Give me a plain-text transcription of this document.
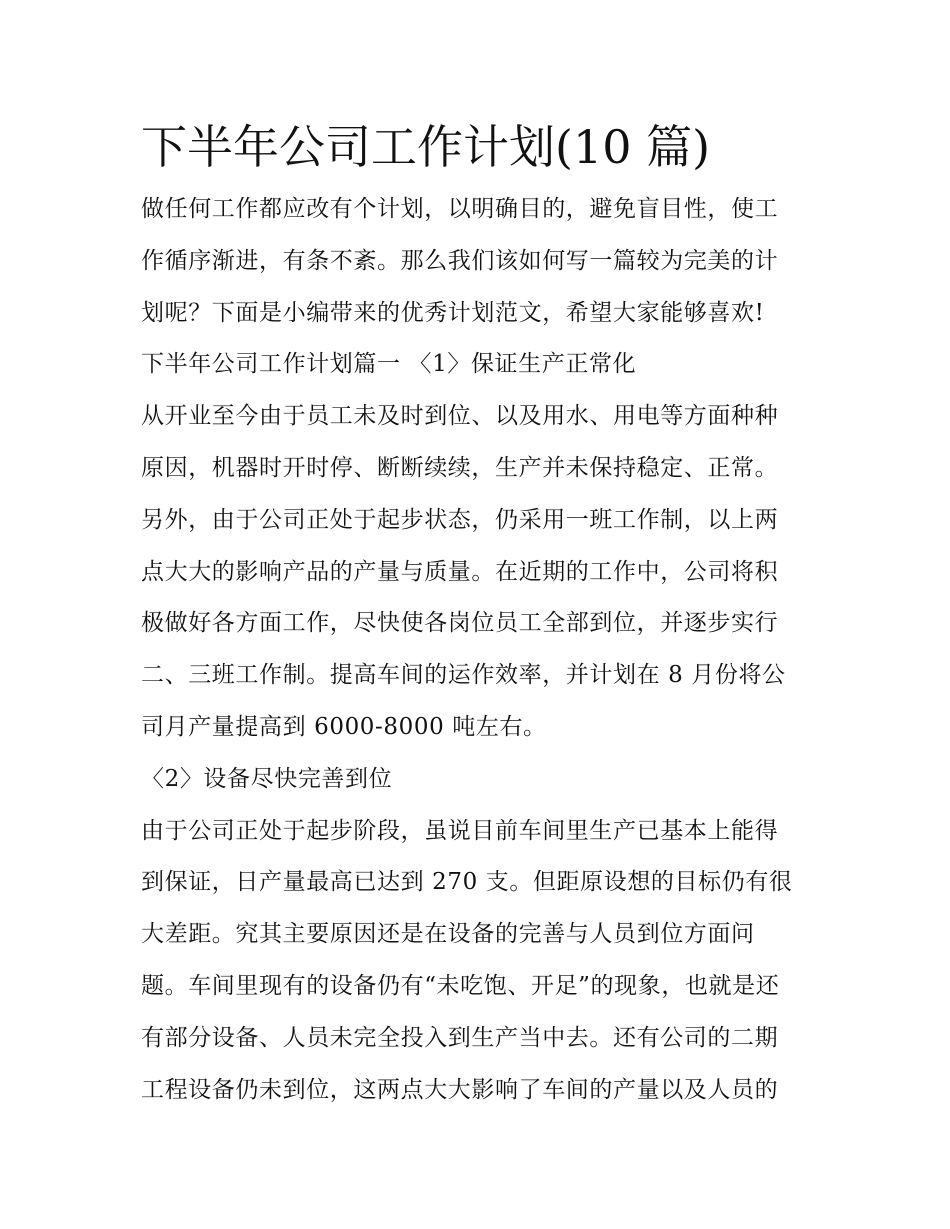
下半年公司工作计划(10 篇)
做任何工作都应改有个计划，以明确目的，避免盲目性，使工
作循序渐进，有条不紊。那么我们该如何写一篇较为完美的计
划呢？下面是小编带来的优秀计划范文，希望大家能够喜欢!
下半年公司工作计划篇一 〈1〉保证生产正常化
从开业至今由于员工未及时到位、以及用水、用电等方面种种
原因，机器时开时停、断断续续，生产并未保持稳定、正常。
另外，由于公司正处于起步状态，仍采用一班工作制，以上两
点大大的影响产品的产量与质量。在近期的工作中，公司将积
极做好各方面工作，尽快使各岗位员工全部到位，并逐步实行
二、三班工作制。提高车间的运作效率，并计划在 8 月份将公
司月产量提高到 6000-8000 吨左右。
〈2〉设备尽快完善到位
由于公司正处于起步阶段，虽说目前车间里生产已基本上能得
到保证，日产量最高已达到 270 支。但距原设想的目标仍有很
大差距。究其主要原因还是在设备的完善与人员到位方面问
题。车间里现有的设备仍有“未吃饱、开足”的现象，也就是还
有部分设备、人员未完全投入到生产当中去。还有公司的二期
工程设备仍未到位，这两点大大影响了车间的产量以及人员的
